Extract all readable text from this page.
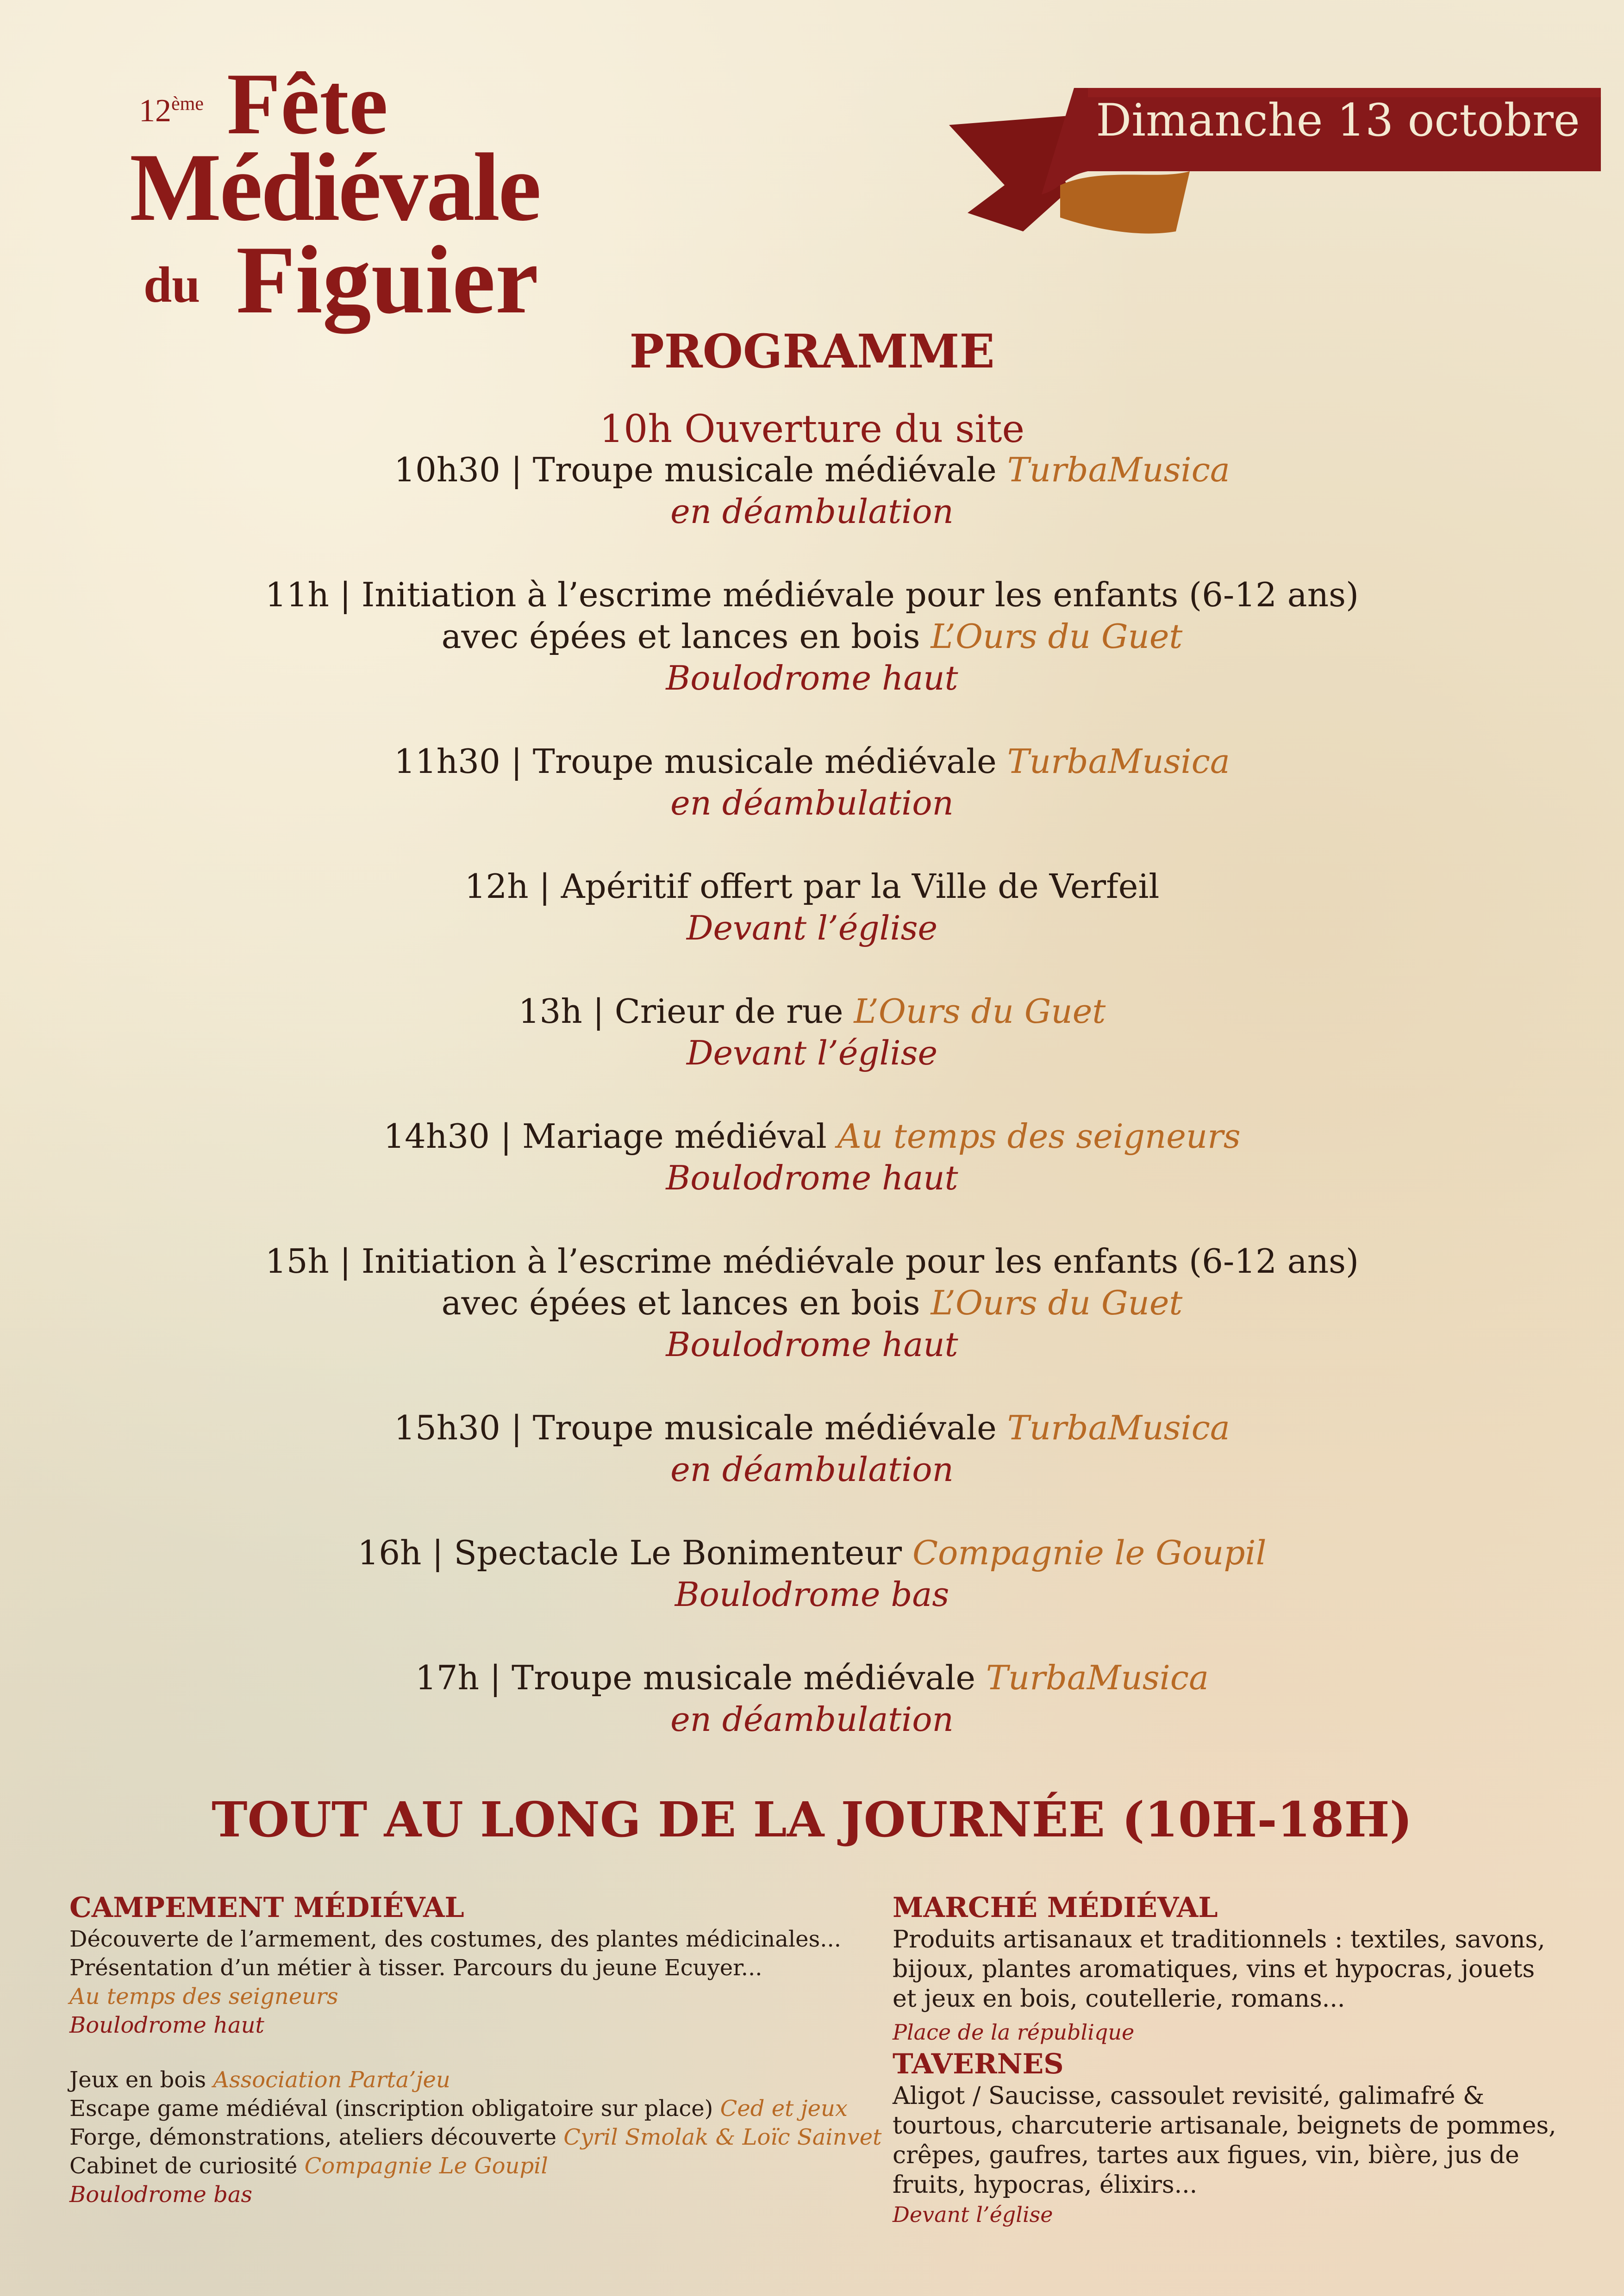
12ème Fête
Médiévale
du Figuier
Dimanche 13 octobre
PROGRAMME
10h Ouverture du site
10h30 | Troupe musicale médiévale TurbaMusica
en déambulation
11h | Initiation à l’escrime médiévale pour les enfants (6-12 ans)
avec épées et lances en bois L’Ours du Guet
Boulodrome haut
11h30 | Troupe musicale médiévale TurbaMusica
en déambulation
12h | Apéritif offert par la Ville de Verfeil
Devant l’église
13h | Crieur de rue L’Ours du Guet
Devant l’église
14h30 | Mariage médiéval Au temps des seigneurs
Boulodrome haut
15h | Initiation à l’escrime médiévale pour les enfants (6-12 ans)
avec épées et lances en bois L’Ours du Guet
Boulodrome haut
15h30 | Troupe musicale médiévale TurbaMusica
en déambulation
16h | Spectacle Le Bonimenteur Compagnie le Goupil
Boulodrome bas
17h | Troupe musicale médiévale TurbaMusica
en déambulation
TOUT AU LONG DE LA JOURNÉE (10H-18H)
CAMPEMENT MÉDIÉVAL
Découverte de l’armement, des costumes, des plantes médicinales...
Présentation d’un métier à tisser. Parcours du jeune Ecuyer...
Au temps des seigneurs
Boulodrome haut
Jeux en bois Association Parta’jeu
Escape game médiéval (inscription obligatoire sur place) Ced et jeux
Forge, démonstrations, ateliers découverte Cyril Smolak & Loïc Sainvet
Cabinet de curiosité Compagnie Le Goupil
Boulodrome bas
MARCHÉ MÉDIÉVAL
Produits artisanaux et traditionnels : textiles, savons,
bijoux, plantes aromatiques, vins et hypocras, jouets
et jeux en bois, coutellerie, romans...
Place de la république
TAVERNES
Aligot / Saucisse, cassoulet revisité, galimafré &
tourtous, charcuterie artisanale, beignets de pommes,
crêpes, gaufres, tartes aux figues, vin, bière, jus de
fruits, hypocras, élixirs...
Devant l’église
